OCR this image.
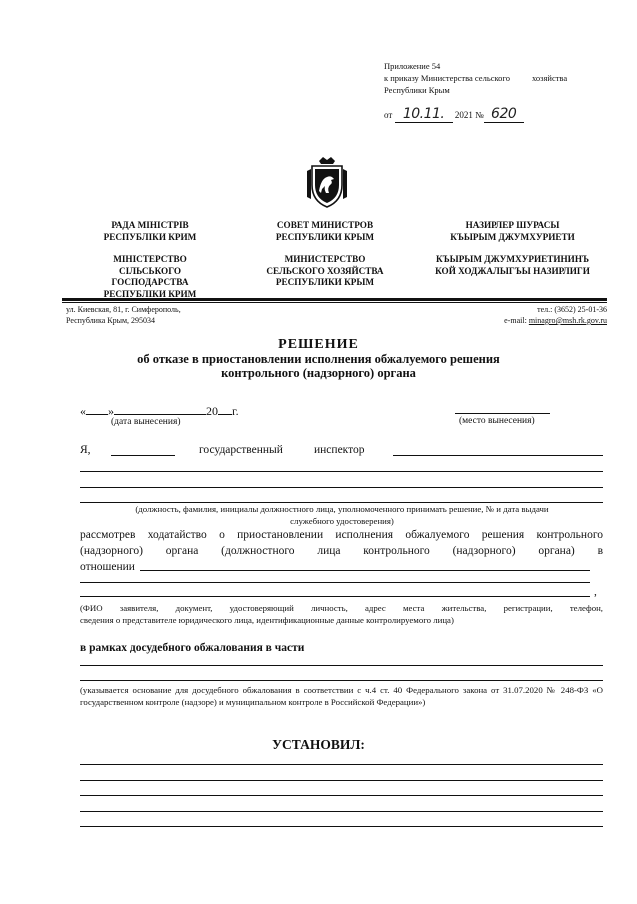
Приложение 54
к приказу Министерства сельского	хозяйства
Республики Крым
от 10.11. 2021 № 620

РАДА МІНІСТРІВ
РЕСПУБЛІКИ КРИМ

МІНІСТЕРСТВО
СІЛЬСЬКОГО
ГОСПОДАРСТВА
РЕСПУБЛІКИ КРИМ

СОВЕТ МИНИСТРОВ
РЕСПУБЛИКИ КРЫМ

МИНИСТЕРСТВО
СЕЛЬСКОГО ХОЗЯЙСТВА
РЕСПУБЛИКИ КРЫМ

НАЗИРЛЕР ШУРАСЫ
КЪЫРЫМ ДЖУМХУРИЕТИ

КЪЫРЫМ ДЖУМХУРИЕТИНИНЪ
КОЙ ХОДЖАЛЫГЪЫ НАЗИРЛИГИ

ул. Киевская, 81, г. Симферополь,
Республика Крым, 295034
тел.: (3652) 25-01-36
e-mail: minagro@msh.rk.gov.ru
РЕШЕНИЕ
об отказе в приостановлении исполнения обжалуемого решения
контрольного (надзорного) органа
« »	20 г.
(дата вынесения)	(место вынесения)
Я,	государственный	инспектор
(должность, фамилия, инициалы должностного лица, уполномоченного принимать решение, № и дата выдачи
служебного удостоверения)
рассмотрев ходатайство о приостановлении исполнения обжалуемого решения контрольного
(надзорного) органа (должностного лица контрольного (надзорного) органа) в
отношении
,
(ФИО заявителя, документ, удостоверяющий личность, адрес места жительства, регистрации, телефон,
сведения о представителе юридического лица, идентификационные данные контролируемого лица)
в рамках досудебного обжалования в части
(указывается основание для досудебного обжалования в соответствии с ч.4 ст. 40 Федерального закона от 31.07.2020 № 248-ФЗ «О государственном контроле (надзоре) и муниципальном контроле в Российской Федерации»)
УСТАНОВИЛ:
